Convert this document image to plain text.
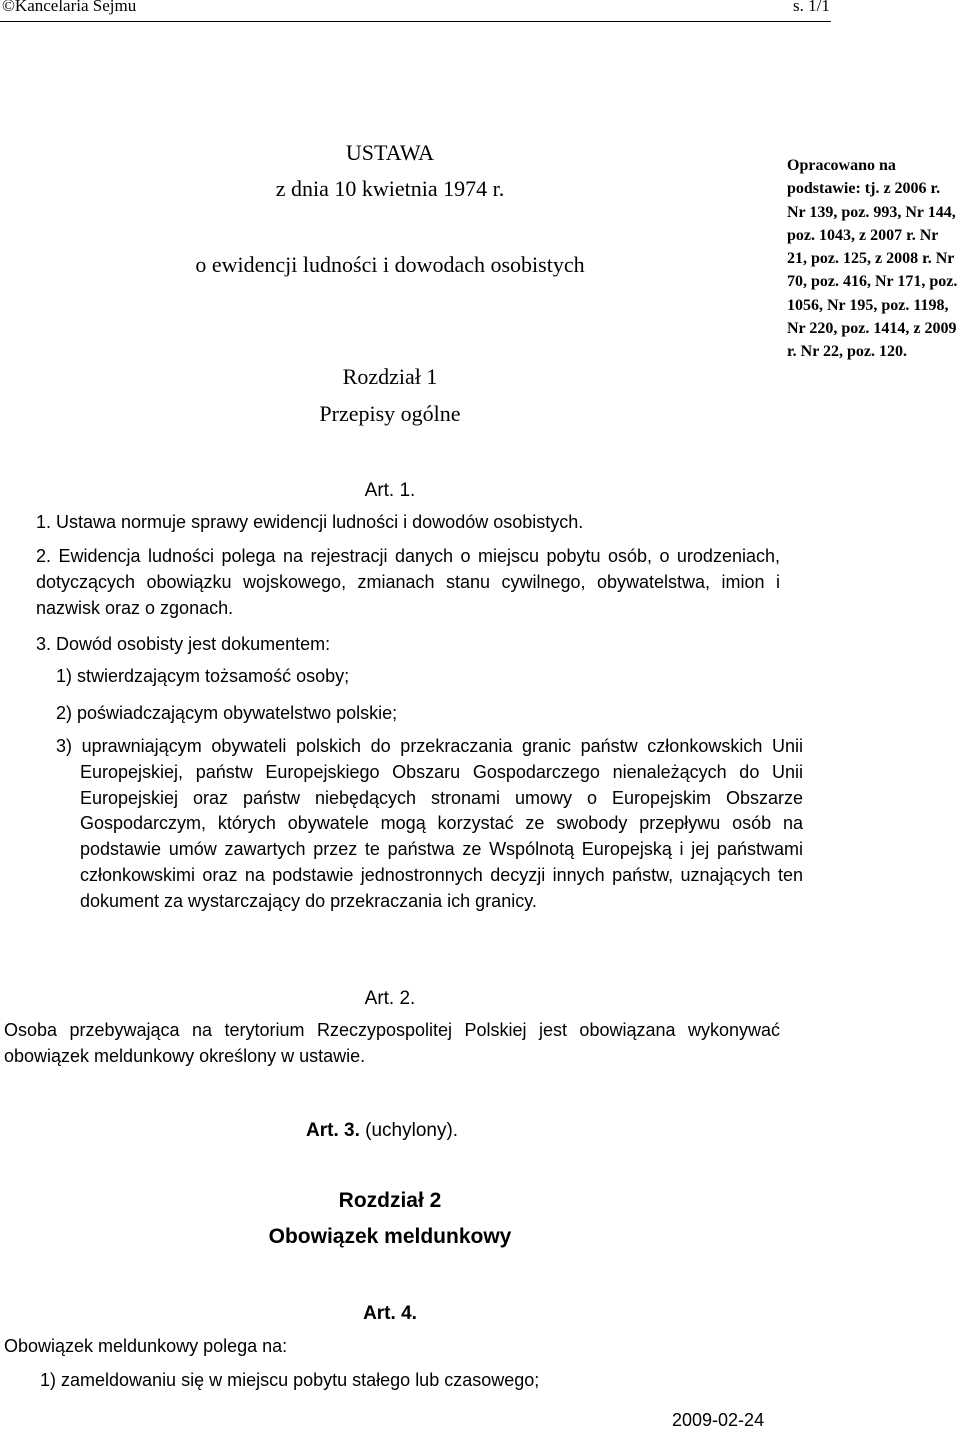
©Kancelaria Sejmu	s. 1/1
USTAWA
z dnia 10 kwietnia 1974 r.
o ewidencji ludności i dowodach osobistych
Rozdział 1
Przepisy ogólne
Opracowano na podstawie: tj. z 2006 r. Nr 139, poz. 993, Nr 144, poz. 1043, z 2007 r. Nr 21, poz. 125, z 2008 r. Nr 70, poz. 416, Nr 171, poz. 1056, Nr 195, poz. 1198, Nr 220, poz. 1414, z 2009 r. Nr 22, poz. 120.
Art. 1.
1. Ustawa normuje sprawy ewidencji ludności i dowodów osobistych.
2. Ewidencja ludności polega na rejestracji danych o miejscu pobytu osób, o urodzeniach, dotyczących obowiązku wojskowego, zmianach stanu cywilnego, obywatelstwa, imion i nazwisk oraz o zgonach.
3. Dowód osobisty jest dokumentem:
1) stwierdzającym tożsamość osoby;
2) poświadczającym obywatelstwo polskie;
3) uprawniającym obywateli polskich do przekraczania granic państw członkowskich Unii Europejskiej, państw Europejskiego Obszaru Gospodarczego nienależących do Unii Europejskiej oraz państw niebędących stronami umowy o Europejskim Obszarze Gospodarczym, których obywatele mogą korzystać ze swobody przepływu osób na podstawie umów zawartych przez te państwa ze Wspólnotą Europejską i jej państwami członkowskimi oraz na podstawie jednostronnych decyzji innych państw, uznających ten dokument za wystarczający do przekraczania ich granicy.
Art. 2.
Osoba przebywająca na terytorium Rzeczypospolitej Polskiej jest obowiązana wykonywać obowiązek meldunkowy określony w ustawie.
Art. 3. (uchylony).
Rozdział 2
Obowiązek meldunkowy
Art. 4.
Obowiązek meldunkowy polega na:
1) zameldowaniu się w miejscu pobytu stałego lub czasowego;
2009-02-24
